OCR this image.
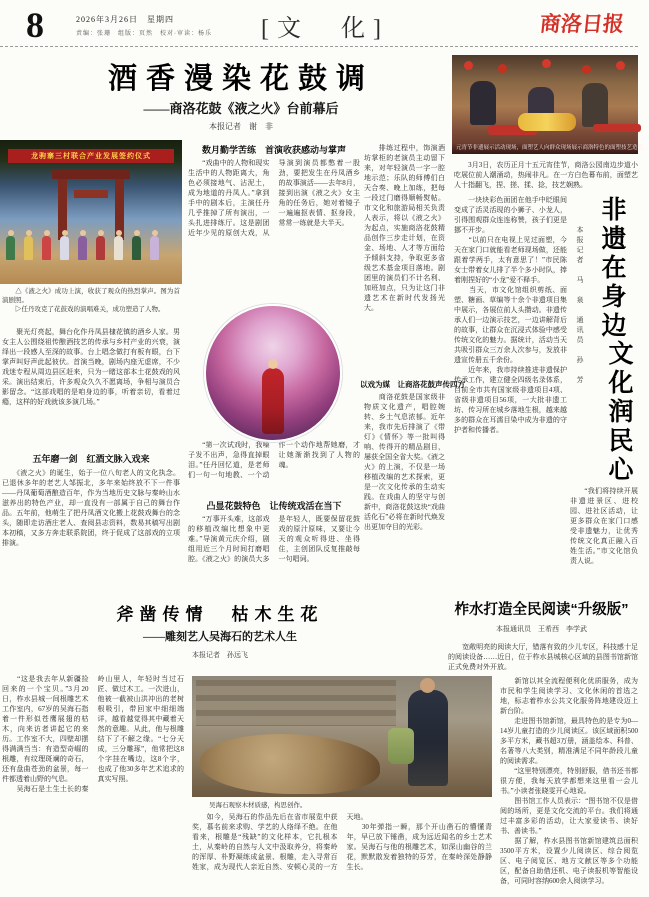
8	2026年3月26日　星期四
责编：张珊　组版：页然　校对·审读：杨乐	[文　化]	商洛日报
酒香漫染花鼓调
——商洛花鼓《液之火》台前幕后
本报记者　谢　非
龙驹寨三村联合产业发展签约仪式
　　△《液之火》成功上演，收获了观众的热烈掌声。图为首演剧照。
　　▷任丹攻克了花鼓戏的演唱难关，成功塑造了人物。
　　聚光灯亮起，舞台化作丹凤县棣花镇的酒乡人家。男女主人公围绕祖传酿酒技艺的传承与乡村产业的兴衰，演绎出一段感人至深的故事。台上唱念做打有板有眼，台下掌声叫好声此起彼伏。首演当晚，剧场内座无虚席，不少戏迷专程从周边县区赶来，只为一睹这部本土花鼓戏的风采。演出结束后，许多观众久久不愿离场，争相与演员合影留念。“这部戏唱的是咱身边的事，听着亲切，看着过瘾，这样的好戏就该多演几场。”
五年磨一剑　红酒文脉入戏来
　　《液之火》的诞生，始于一位八旬老人的文化执念。已退休多年的老艺人邹振北，多年来始终放不下一件事——丹凤葡萄酒酿造百年，作为当地历史文脉与秦岭山水滋养出的特色产业，却一直没有一部属于自己的舞台作品。五年前，他萌生了把丹凤酒文化搬上花鼓戏舞台的念头，随即走访酒庄老人、查阅县志资料，数易其稿写出剧本初稿，又多方奔走联系院团，终于促成了这部戏的立项排演。
数月勤学苦练　首演收获感动与掌声
　　“戏曲中的人物和现实生活中的人物距离大，角色必须接地气、沾泥土，成为地道的丹凤人。”拿到手中的剧本后，主演任丹几乎推掉了所有演出，一头扎进排练厅。这是剧团近年少见的原创大戏，从导演到演员都憋着一股劲，要把发生在丹凤酒乡的故事演活——去年8月，接到出演《液之火》女主角的任务后，她对着镜子一遍遍抠表情、抠身段，常常一练就是大半天。
　　“第一次试戏时，我嗓子发不出声，急得直掉眼泪。”任丹回忆道，是老师们一句一句地教、一个动作一个动作地帮她磨，才让她渐渐找到了人物的魂。
凸显花鼓特色　让传统戏活在当下
　　“万事开头难，这部戏的移植改编比想象中更难。”导演黄元庆介绍，剧组用近三个月时间打磨唱腔。《液之火》的演员大多是年轻人，既要保留花鼓戏的原汁原味，又要让今天的观众听得进、坐得住，主创团队反复推敲每一句唱词。
　　排练过程中，饰演酒坊掌柜的老演员主动留下来，对年轻演员一字一腔地示范；乐队的师傅们白天合奏、晚上加练，把每一段过门磨得顺畅熨帖。市文化和旅游局相关负责人表示，将以《液之火》为起点，实施商洛花鼓精品创作三步走计划，在资金、场地、人才等方面给予倾斜支持，争取更多省级艺术基金项目落地。剧团里的演员们不计名利、加班加点，只为让这门非遗艺术在新时代发扬光大。
以戏为媒　让商洛花鼓声传四方
　　商洛花鼓是国家级非物质文化遗产，唱腔婉转、乡土气息浓郁。近年来，我市先后排演了《带灯》《情怀》等一批叫得响、传得开的精品剧目，屡获全国全省大奖。《液之火》的上演，不仅是一场移植改编的艺术探索，更是一次文化传承的生动实践。在戏曲人的坚守与创新中，商洛花鼓这块“戏曲活化石”必将在新时代焕发出更加夺目的光彩。
元宵节非遗展示活动现场，面塑艺人向群众现场展示商洛特色的面塑技艺造型。
　　3月3日，农历正月十五元宵佳节，商洛公园南边步道小吃展位前人潮涌动，热闹非凡。在一方白色幕布前，面塑艺人十指翻飞，捏、搓、揉、捻，技艺娴熟。
　　一块块彩色面团在他手中眨眼间变成了活灵活现的小狮子、小龙人，引得围观群众连连称赞，孩子们更是挪不开步。
　　“以前只在电视上见过面塑，今天在家门口就能看老师现场做，还能跟着学两手，太有意思了！”市民陈女士带着女儿排了半个多小时队，捧着刚捏好的“小龙”爱不释手。
　　当天，市文化馆组织剪纸、面塑、糖画、草编等十余个非遗项目集中展示，各展位前人头攒动。非遗传承人们一边演示技艺，一边讲解背后的故事，让群众在沉浸式体验中感受传统文化的魅力。据统计，活动当天共吸引群众三万余人次参与，发放非遗宣传册五千余份。
　　近年来，我市持续推进非遗保护传承工作，建立健全四级名录体系，目前全市共有国家级非遗项目4项、省级非遗项目56项，一大批非遗工坊、传习所在城乡落地生根，越来越多的群众在耳濡目染中成为非遗的守护者和传播者。
非遗在身边
本报记者　马　泉　通讯员　孙　芳
文化润民心
　　“我们将持续开展非遗进景区、进校园、进社区活动，让更多群众在家门口感受非遗魅力，让优秀传统文化真正融入百姓生活。”市文化馆负责人说。
斧凿传情　枯木生花
——雕刻艺人吴海石的艺术人生
本报记者　孙远飞
　　“这是我去年从新疆捡回来的一个宝贝。”3月20日，柞水县城一间根雕艺术工作室内，67岁的吴海石指着一件形似苍鹰展翅的枯木，向来访者讲起它的来历。工作室不大，四壁却摆得满满当当：有造型奇崛的根雕，有纹理斑斓的奇石，还有盘曲苍劲的盆景，每一件都透着山野的气息。
　　吴海石是土生土长的秦岭山里人，年轻时当过石匠、做过木工。一次进山，他被一截被山洪冲出的老树根吸引，带回家中细细端详，越看越觉得其中藏着天然的意趣。从此，他与根雕结下了不解之缘。“七分天成，三分雕琢”，他常把这8个字挂在嘴边，这8个字，也成了他30多年艺术追求的真实写照。
　　吴海石观察木材质感，构思创作。
　　如今，吴海石的作品先后在省市展览中获奖，慕名前来求购、学艺的人络绎不绝。在他看来，根雕是“残缺”的文化样本，它扎根本土，从秦岭的自然与人文中汲取养分，将秦岭的浑厚、朴野凝练成盆景、根雕，走入寻常百姓家，成为现代人亲近自然、安顿心灵的一方天地。
　　30年弹指一瞬，那个开山凿石的懵懂青年，早已放下锤凿，成为远近闻名的乡土艺术家。吴海石与他的根雕艺术，如深山幽谷的兰花，默默散发着独特的芬芳，在秦岭深处静静生长。
柞水打造全民阅读“升级版”
本报通讯员　王希西　李学武
　　宽敞明亮的阅读大厅，错落有致的少儿专区，科技感十足的阅读设备……近日，位于柞水县城核心区域的县图书馆新馆正式免费对外开放。
　　新馆以其全流程便利化优质服务，成为市民和学生阅读学习、文化休闲的首选之地，标志着柞水公共文化服务阵地建设迈上新台阶。
　　走进图书馆新馆，最具特色的是专为0—14岁儿童打造的少儿阅读区。该区域面积500多平方米，藏书超3万册，涵盖绘本、科普、名著等八大类别，精准满足不同年龄段儿童的阅读需求。
　　“这里特别漂亮，特别舒服，借书还书都很方便，我每天放学都想来这里看一会儿书。”小读者张晓雯开心地说。
　　图书馆工作人员表示：“图书馆不仅是借阅的场所，更是文化交流的平台。我们将通过丰富多彩的活动，让大家爱读书、读好书、善读书。”
　　据了解，柞水县图书馆新馆建筑总面积3500平方米，设置少儿阅读区、综合阅览区、电子阅览区、地方文献区等多个功能区，配备自助借还机、电子读报机等智能设备，可同时容纳600余人阅读学习。
